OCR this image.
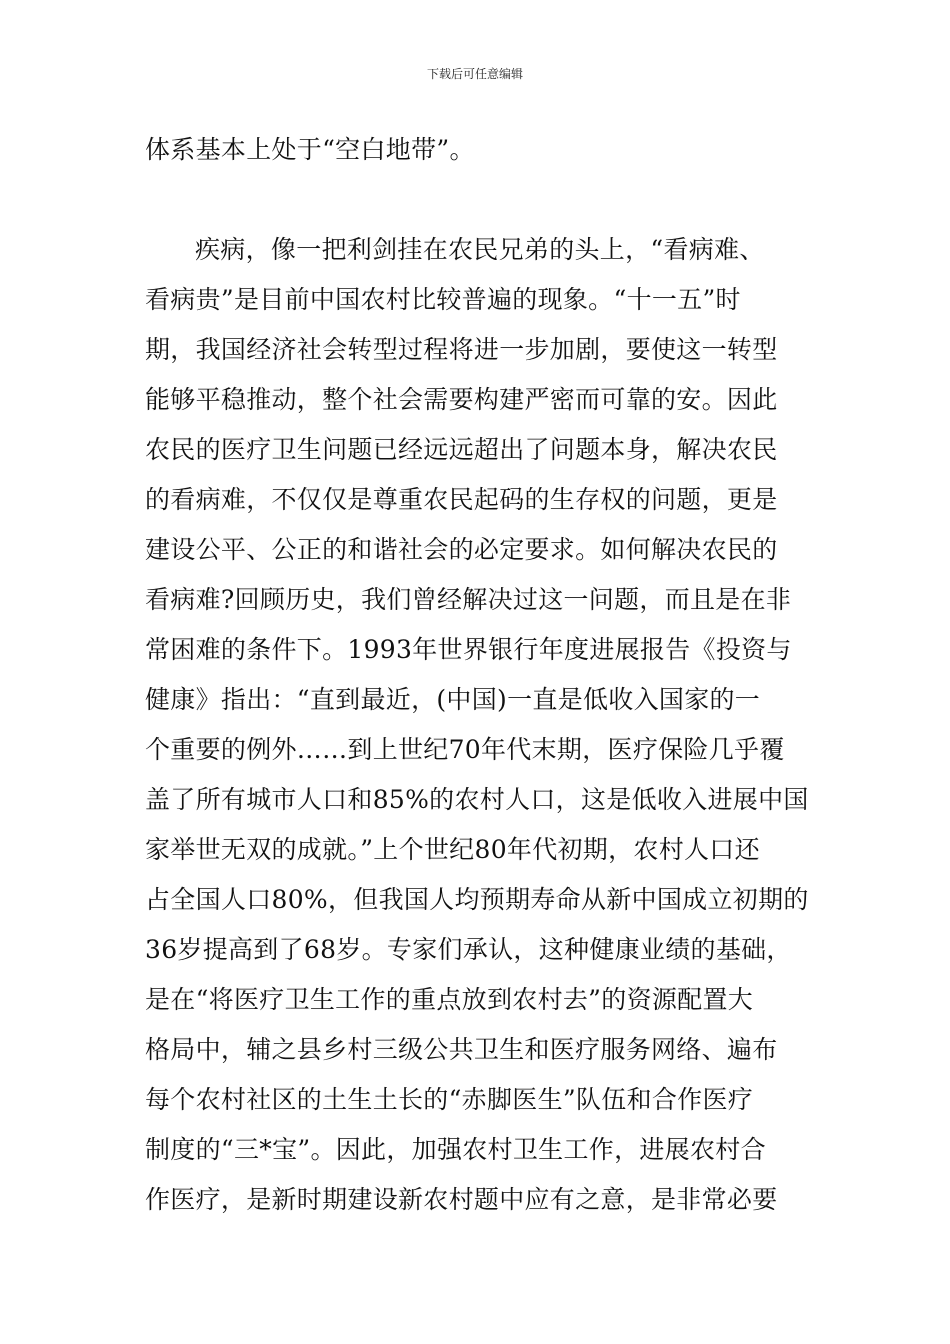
下载后可任意编辑
体系基本上处于“空白地带”。
疾病，像一把利剑挂在农民兄弟的头上，“看病难、
看病贵”是目前中国农村比较普遍的现象。“十一五”时
期，我国经济社会转型过程将进一步加剧，要使这一转型
能够平稳推动，整个社会需要构建严密而可靠的安。因此
农民的医疗卫生问题已经远远超出了问题本身，解决农民
的看病难，不仅仅是尊重农民起码的生存权的问题，更是
建设公平、公正的和谐社会的必定要求。如何解决农民的
看病难?回顾历史，我们曾经解决过这一问题，而且是在非
常困难的条件下。1993年世界银行年度进展报告《投资与
健康》指出：“直到最近，(中国)一直是低收入国家的一
个重要的例外……到上世纪70年代末期，医疗保险几乎覆
盖了所有城市人口和85%的农村人口，这是低收入进展中国
家举世无双的成就。”上个世纪80年代初期，农村人口还
占全国人口80%，但我国人均预期寿命从新中国成立初期的
36岁提高到了68岁。专家们承认，这种健康业绩的基础，
是在“将医疗卫生工作的重点放到农村去”的资源配置大
格局中，辅之县乡村三级公共卫生和医疗服务网络、遍布
每个农村社区的土生土长的“赤脚医生”队伍和合作医疗
制度的“三*宝”。因此，加强农村卫生工作，进展农村合
作医疗，是新时期建设新农村题中应有之意，是非常必要
